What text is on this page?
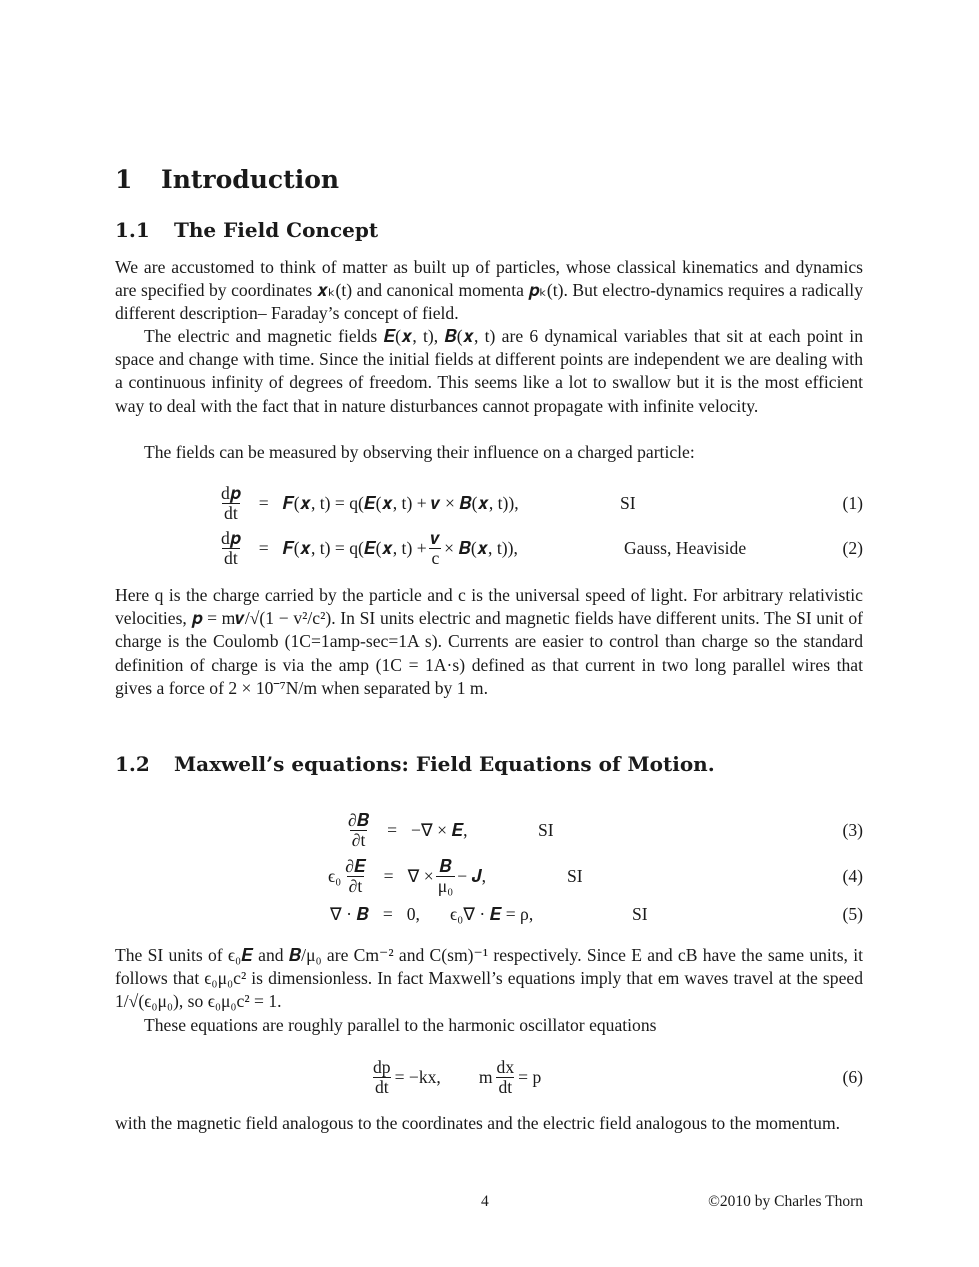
1 Introduction
1.1 The Field Concept

We are accustomed to think of matter as built up of particles, whose classical kinematics and dynamics are specified by coordinates 𝒙ₖ(t) and canonical momenta 𝒑ₖ(t). But electro-dynamics requires a radically different description– Faraday’s concept of field.

The electric and magnetic fields 𝑬(𝒙, t), 𝑩(𝒙, t) are 6 dynamical variables that sit at each point in space and change with time. Since the initial fields at different points are independent we are dealing with a continuous infinity of degrees of freedom. This seems like a lot to swallow but it is the most efficient way to deal with the fact that in nature disturbances cannot propagate with infinite velocity.

The fields can be measured by observing their influence on a charged particle:

$\frac{\text{d𝒑}}{dt}$ = 𝑭(𝒙, t) = q(𝑬(𝒙, t) + 𝒗 × 𝑩(𝒙, t)),	SI	(1)
$\frac{\text{d𝒑}}{dt}$ = 𝑭(𝒙, t) = q(𝑬(𝒙, $t) + \frac{\text{𝒗}}{c}$ × 𝑩(𝒙, t)),	Gauss, Heaviside	(2)

Here q is the charge carried by the particle and c is the universal speed of light. For arbitrary relativistic velocities, 𝒑 = m𝒗/√(1 − v²/c²). In SI units electric and magnetic fields have different units. The SI unit of charge is the Coulomb (1C=1amp-sec=1A s). Currents are easier to control than charge so the standard definition of charge is via the amp (1C = 1A·s) defined as that current in two long parallel wires that gives a force of 2 × 10⁻⁷N/m when separated by 1 m.

1.2 Maxwell’s equations: Field Equations of Motion.
$\frac{\text{∂𝑩}}{\partial t}$ = −∇ × 𝑬,	SI	(3)
$\epsilon_0 \frac{\text{∂𝑬}}{\partial t}$ = ∇ × $\frac{\text{𝑩}}{\text{μ₀}}$ − 𝑱,	SI	(4)
∇ · 𝑩 = 0, ϵ₀∇ · 𝑬 = ρ,	SI	(5)

The SI units of ϵ₀𝑬 and 𝑩/μ₀ are Cm⁻² and C(sm)⁻¹ respectively. Since E and cB have the same units, it follows that ϵ₀μ₀c² is dimensionless. In fact Maxwell’s equations imply that em waves travel at the speed 1/√(ϵ₀μ₀), so ϵ₀μ₀c² = 1.

These equations are roughly parallel to the harmonic oscillator equations

$\frac{dp}{dt} = -kx$, m $\frac{dx}{dt} = p$	(6)

with the magnetic field analogous to the coordinates and the electric field analogous to the momentum.

4	©2010 by Charles Thorn
